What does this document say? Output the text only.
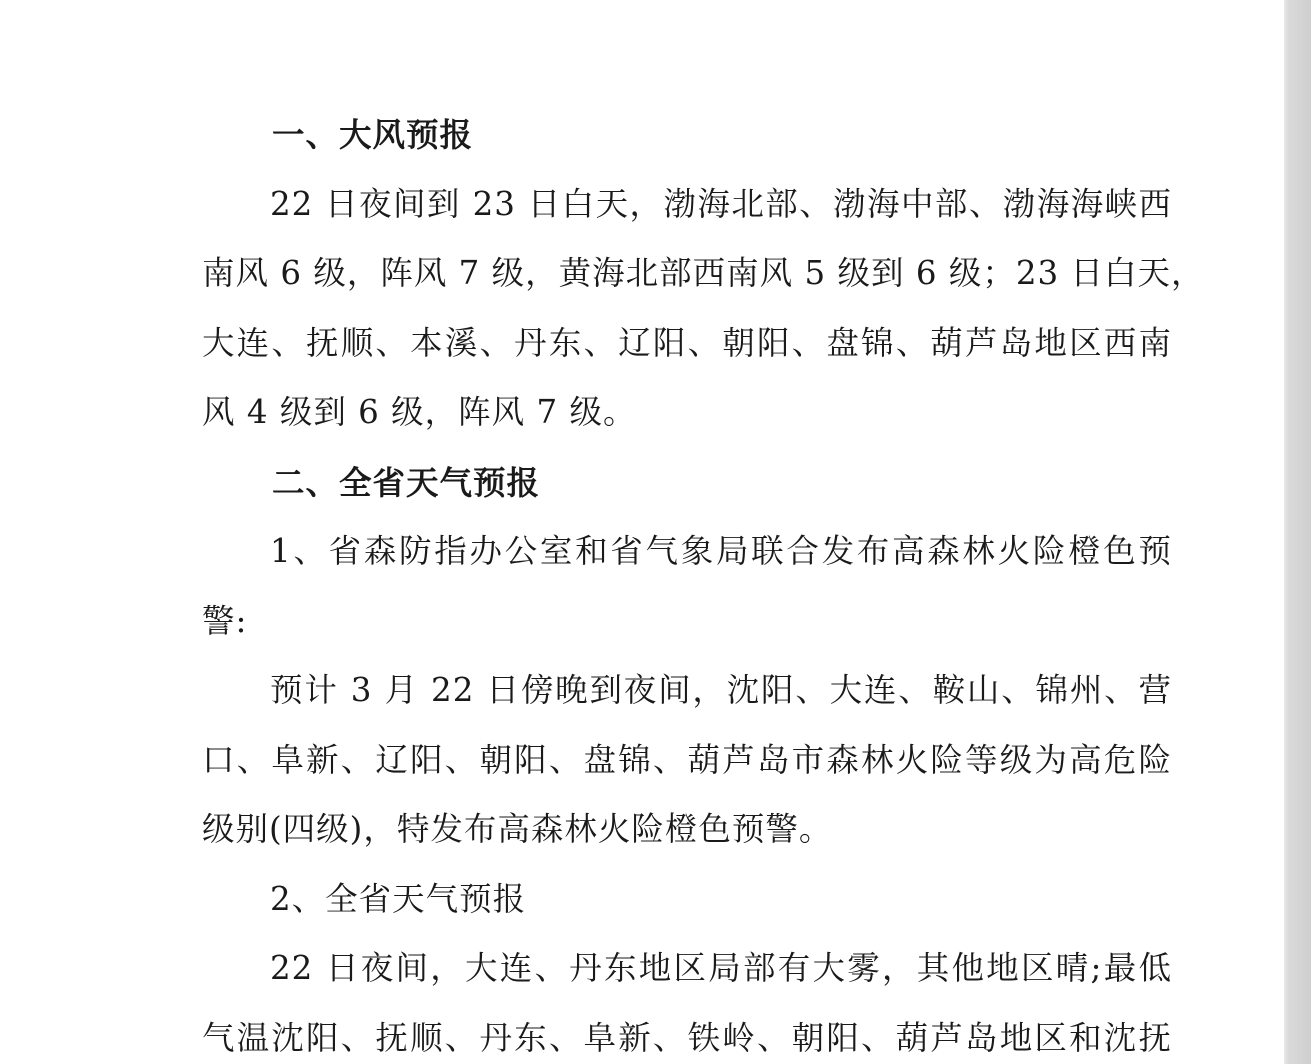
一、大风预报
22 日夜间到 23 日白天，渤海北部、渤海中部、渤海海峡西
南风 6 级，阵风 7 级，黄海北部西南风 5 级到 6 级；23 日白天，
大连、抚顺、本溪、丹东、辽阳、朝阳、盘锦、葫芦岛地区西南
风 4 级到 6 级，阵风 7 级。
二、全省天气预报
1、省森防指办公室和省气象局联合发布高森林火险橙色预
警:
预计 3 月 22 日傍晚到夜间，沈阳、大连、鞍山、锦州、营
口、阜新、辽阳、朝阳、盘锦、葫芦岛市森林火险等级为高危险
级别(四级)，特发布高森林火险橙色预警。
2、全省天气预报
22 日夜间，大连、丹东地区局部有大雾，其他地区晴;最低
气温沈阳、抚顺、丹东、阜新、铁岭、朝阳、葫芦岛地区和沈抚
